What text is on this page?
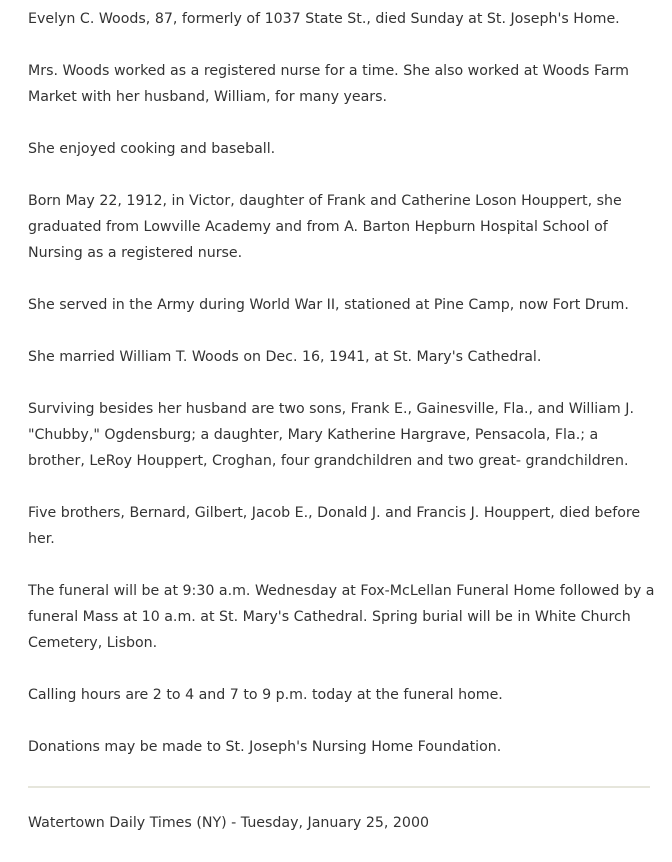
Evelyn C. Woods, 87, formerly of 1037 State St., died Sunday at St. Joseph's Home.

Mrs. Woods worked as a registered nurse for a time. She also worked at Woods Farm Market with her husband, William, for many years.

She enjoyed cooking and baseball.

Born May 22, 1912, in Victor, daughter of Frank and Catherine Loson Houppert, she graduated from Lowville Academy and from A. Barton Hepburn Hospital School of Nursing as a registered nurse.

She served in the Army during World War II, stationed at Pine Camp, now Fort Drum.

She married William T. Woods on Dec. 16, 1941, at St. Mary's Cathedral.

Surviving besides her husband are two sons, Frank E., Gainesville, Fla., and William J. "Chubby," Ogdensburg; a daughter, Mary Katherine Hargrave, Pensacola, Fla.; a brother, LeRoy Houppert, Croghan, four grandchildren and two great- grandchildren.

Five brothers, Bernard, Gilbert, Jacob E., Donald J. and Francis J. Houppert, died before her.

The funeral will be at 9:30 a.m. Wednesday at Fox-McLellan Funeral Home followed by a funeral Mass at 10 a.m. at St. Mary's Cathedral. Spring burial will be in White Church Cemetery, Lisbon.

Calling hours are 2 to 4 and 7 to 9 p.m. today at the funeral home.

Donations may be made to St. Joseph's Nursing Home Foundation.

Watertown Daily Times (NY) - Tuesday, January 25, 2000
